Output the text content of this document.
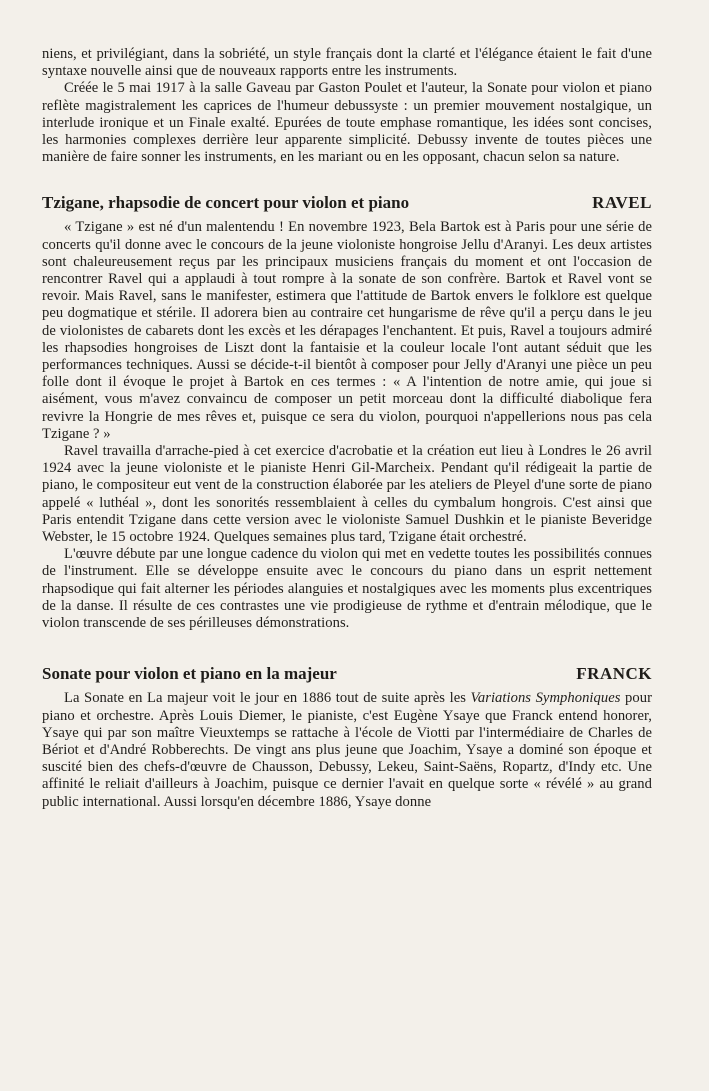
niens, et privilégiant, dans la sobriété, un style français dont la clarté et l'élégance étaient le fait d'une syntaxe nouvelle ainsi que de nouveaux rapports entre les instruments.

Créée le 5 mai 1917 à la salle Gaveau par Gaston Poulet et l'auteur, la Sonate pour violon et piano reflète magistralement les caprices de l'humeur debussyste : un premier mouvement nostalgique, un interlude ironique et un Finale exalté. Epurées de toute emphase romantique, les idées sont concises, les harmonies complexes derrière leur apparente simplicité. Debussy invente de toutes pièces une manière de faire sonner les instruments, en les mariant ou en les opposant, chacun selon sa nature.

Tzigane, rhapsodie de concert pour violon et piano	RAVEL

« Tzigane » est né d'un malentendu ! En novembre 1923, Bela Bartok est à Paris pour une série de concerts qu'il donne avec le concours de la jeune violoniste hongroise Jellu d'Aranyi. Les deux artistes sont chaleureusement reçus par les principaux musiciens français du moment et ont l'occasion de rencontrer Ravel qui a applaudi à tout rompre à la sonate de son confrère. Bartok et Ravel vont se revoir. Mais Ravel, sans le manifester, estimera que l'attitude de Bartok envers le folklore est quelque peu dogmatique et stérile. Il adorera bien au contraire cet hungarisme de rêve qu'il a perçu dans le jeu de violonistes de cabarets dont les excès et les dérapages l'enchantent. Et puis, Ravel a toujours admiré les rhapsodies hongroises de Liszt dont la fantaisie et la couleur locale l'ont autant séduit que les performances techniques. Aussi se décide-t-il bientôt à composer pour Jelly d'Aranyi une pièce un peu folle dont il évoque le projet à Bartok en ces termes : « A l'intention de notre amie, qui joue si aisément, vous m'avez convaincu de composer un petit morceau dont la difficulté diabolique fera revivre la Hongrie de mes rêves et, puisque ce sera du violon, pourquoi n'appellerions nous pas cela Tzigane ? »

Ravel travailla d'arrache-pied à cet exercice d'acrobatie et la création eut lieu à Londres le 26 avril 1924 avec la jeune violoniste et le pianiste Henri Gil-Marcheix. Pendant qu'il rédigeait la partie de piano, le compositeur eut vent de la construction élaborée par les ateliers de Pleyel d'une sorte de piano appelé « luthéal », dont les sonorités ressemblaient à celles du cymbalum hongrois. C'est ainsi que Paris entendit Tzigane dans cette version avec le violoniste Samuel Dushkin et le pianiste Beveridge Webster, le 15 octobre 1924. Quelques semaines plus tard, Tzigane était orchestré.

L'œuvre débute par une longue cadence du violon qui met en vedette toutes les possibilités connues de l'instrument. Elle se développe ensuite avec le concours du piano dans un esprit nettement rhapsodique qui fait alterner les périodes alanguies et nostalgiques avec les moments plus excentriques de la danse. Il résulte de ces contrastes une vie prodigieuse de rythme et d'entrain mélodique, que le violon transcende de ses périlleuses démonstrations.

Sonate pour violon et piano en la majeur	FRANCK

La Sonate en La majeur voit le jour en 1886 tout de suite après les Variations Symphoniques pour piano et orchestre. Après Louis Diemer, le pianiste, c'est Eugène Ysaye que Franck entend honorer, Ysaye qui par son maître Vieuxtemps se rattache à l'école de Viotti par l'intermédiaire de Charles de Bériot et d'André Robberechts. De vingt ans plus jeune que Joachim, Ysaye a dominé son époque et suscité bien des chefs-d'œuvre de Chausson, Debussy, Lekeu, Saint-Saëns, Ropartz, d'Indy etc. Une affinité le reliait d'ailleurs à Joachim, puisque ce dernier l'avait en quelque sorte « révélé » au grand public international. Aussi lorsqu'en décembre 1886, Ysaye donne
